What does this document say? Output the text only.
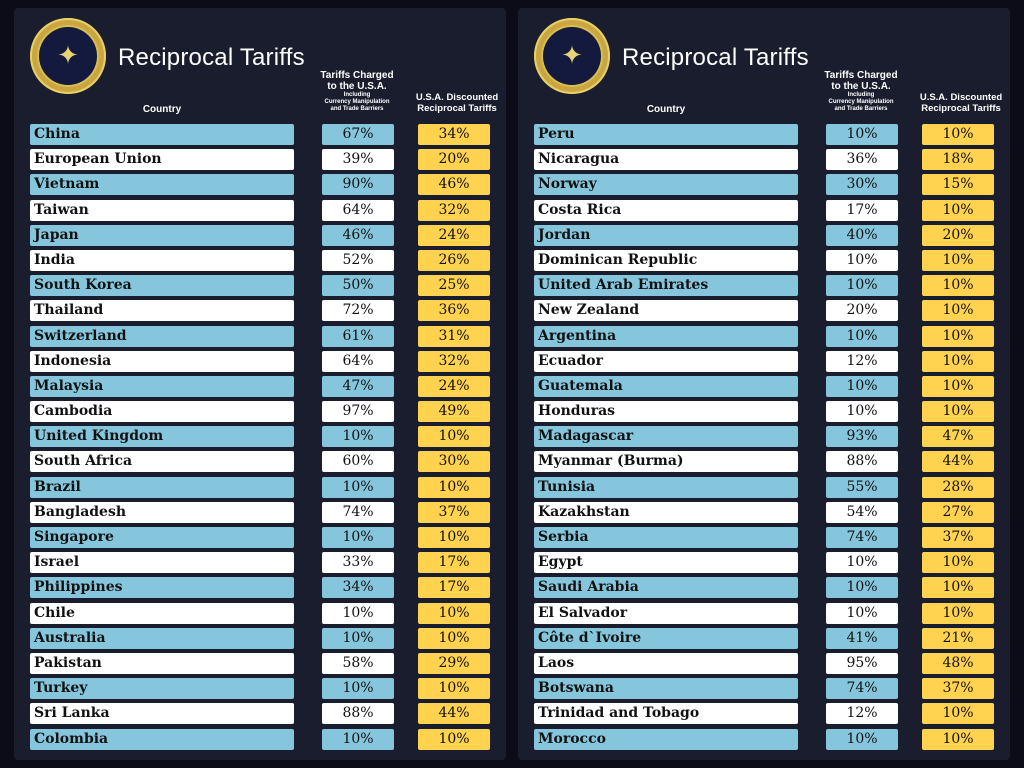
✦ Reciprocal Tariffs
Country
Tariffs Charged
to the U.S.A.
Including
Currency Manipulation
and Trade Barriers
U.S.A. Discounted
Reciprocal Tariffs
China	67%	34%
European Union	39%	20%
Vietnam	90%	46%
Taiwan	64%	32%
Japan	46%	24%
India	52%	26%
South Korea	50%	25%
Thailand	72%	36%
Switzerland	61%	31%
Indonesia	64%	32%
Malaysia	47%	24%
Cambodia	97%	49%
United Kingdom	10%	10%
South Africa	60%	30%
Brazil	10%	10%
Bangladesh	74%	37%
Singapore	10%	10%
Israel	33%	17%
Philippines	34%	17%
Chile	10%	10%
Australia	10%	10%
Pakistan	58%	29%
Turkey	10%	10%
Sri Lanka	88%	44%
Colombia	10%	10%
✦ Reciprocal Tariffs
Country
Tariffs Charged
to the U.S.A.
Including
Currency Manipulation
and Trade Barriers
U.S.A. Discounted
Reciprocal Tariffs
Peru	10%	10%
Nicaragua	36%	18%
Norway	30%	15%
Costa Rica	17%	10%
Jordan	40%	20%
Dominican Republic	10%	10%
United Arab Emirates	10%	10%
New Zealand	20%	10%
Argentina	10%	10%
Ecuador	12%	10%
Guatemala	10%	10%
Honduras	10%	10%
Madagascar	93%	47%
Myanmar (Burma)	88%	44%
Tunisia	55%	28%
Kazakhstan	54%	27%
Serbia	74%	37%
Egypt	10%	10%
Saudi Arabia	10%	10%
El Salvador	10%	10%
Côte d`Ivoire	41%	21%
Laos	95%	48%
Botswana	74%	37%
Trinidad and Tobago	12%	10%
Morocco	10%	10%
